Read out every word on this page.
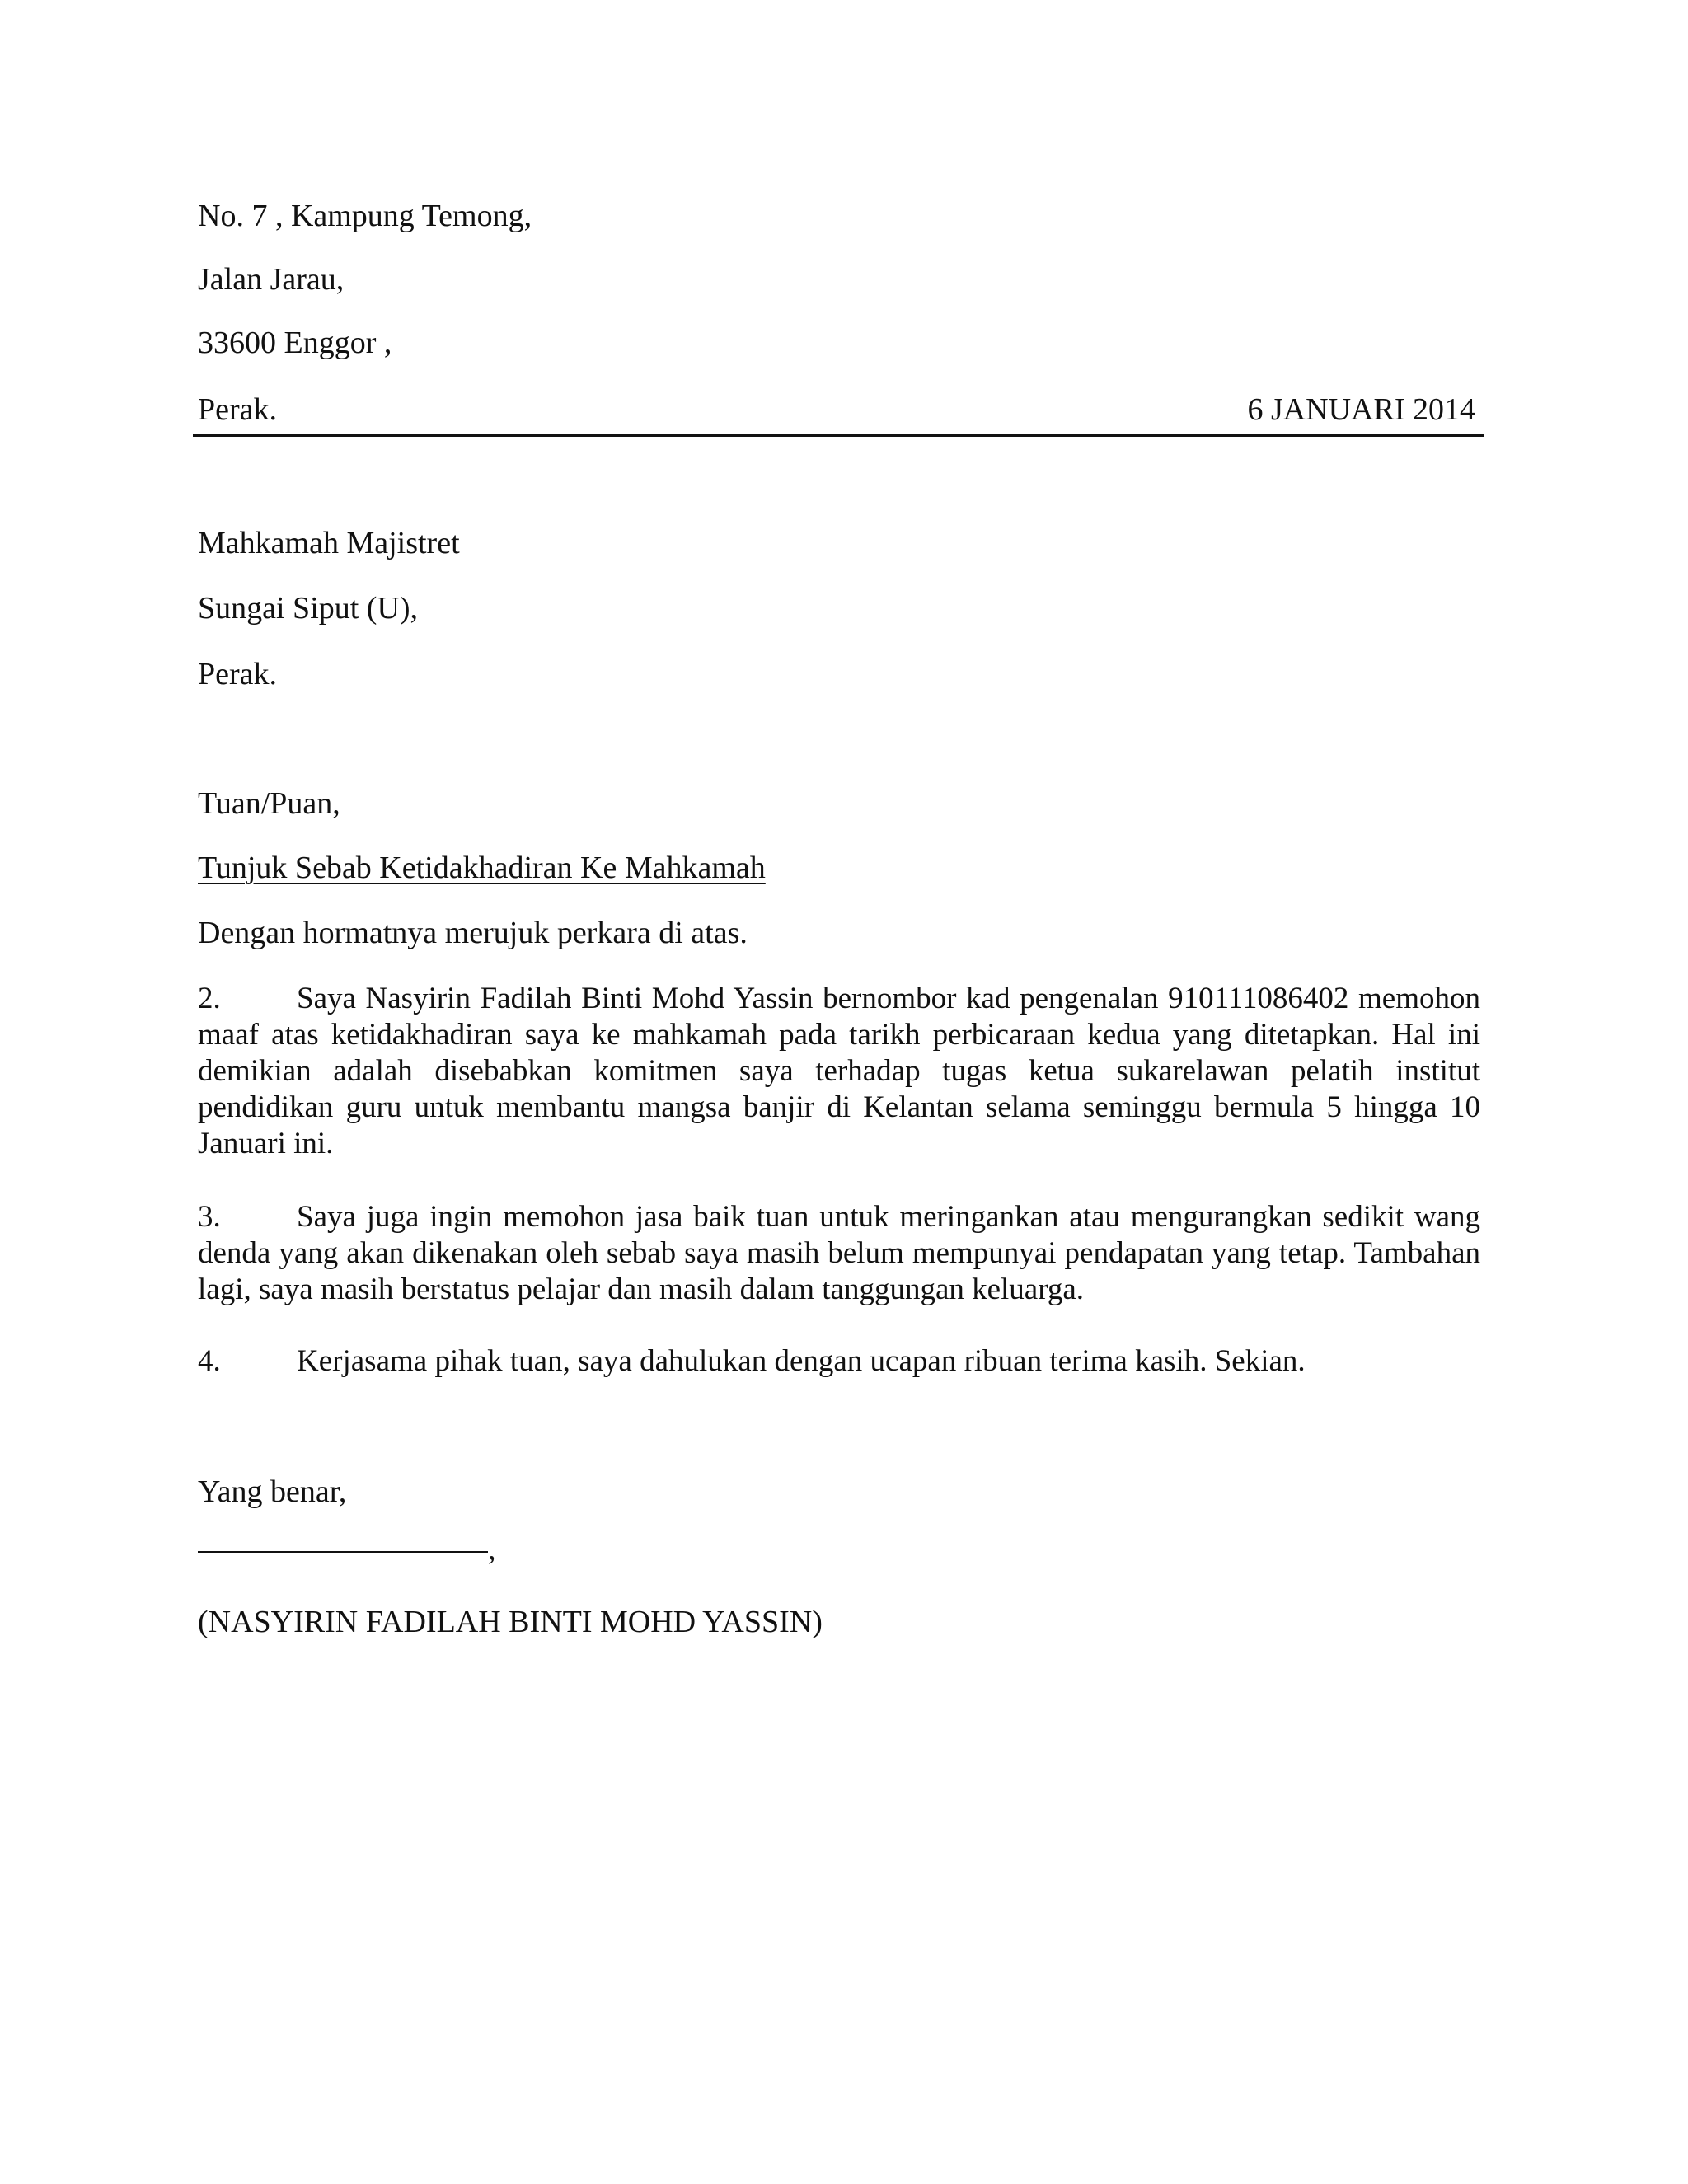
No. 7 , Kampung Temong,
Jalan Jarau,
33600 Enggor ,
Perak.	6 JANUARI 2014
Mahkamah Majistret
Sungai Siput (U),
Perak.
Tuan/Puan,
Tunjuk Sebab Ketidakhadiran Ke Mahkamah
Dengan hormatnya merujuk perkara di atas.
2. Saya Nasyirin Fadilah Binti Mohd Yassin bernombor kad pengenalan 910111086402 memohon maaf atas ketidakhadiran saya ke mahkamah pada tarikh perbicaraan kedua yang ditetapkan. Hal ini demikian adalah disebabkan komitmen saya terhadap tugas ketua sukarelawan pelatih institut pendidikan guru untuk membantu mangsa banjir di Kelantan selama seminggu bermula 5 hingga 10 Januari ini.
3. Saya juga ingin memohon jasa baik tuan untuk meringankan atau mengurangkan sedikit wang denda yang akan dikenakan oleh sebab saya masih belum mempunyai pendapatan yang tetap. Tambahan lagi, saya masih berstatus pelajar dan masih dalam tanggungan keluarga.
4. Kerjasama pihak tuan, saya dahulukan dengan ucapan ribuan terima kasih. Sekian.
Yang benar,
,
(NASYIRIN FADILAH BINTI MOHD YASSIN)
